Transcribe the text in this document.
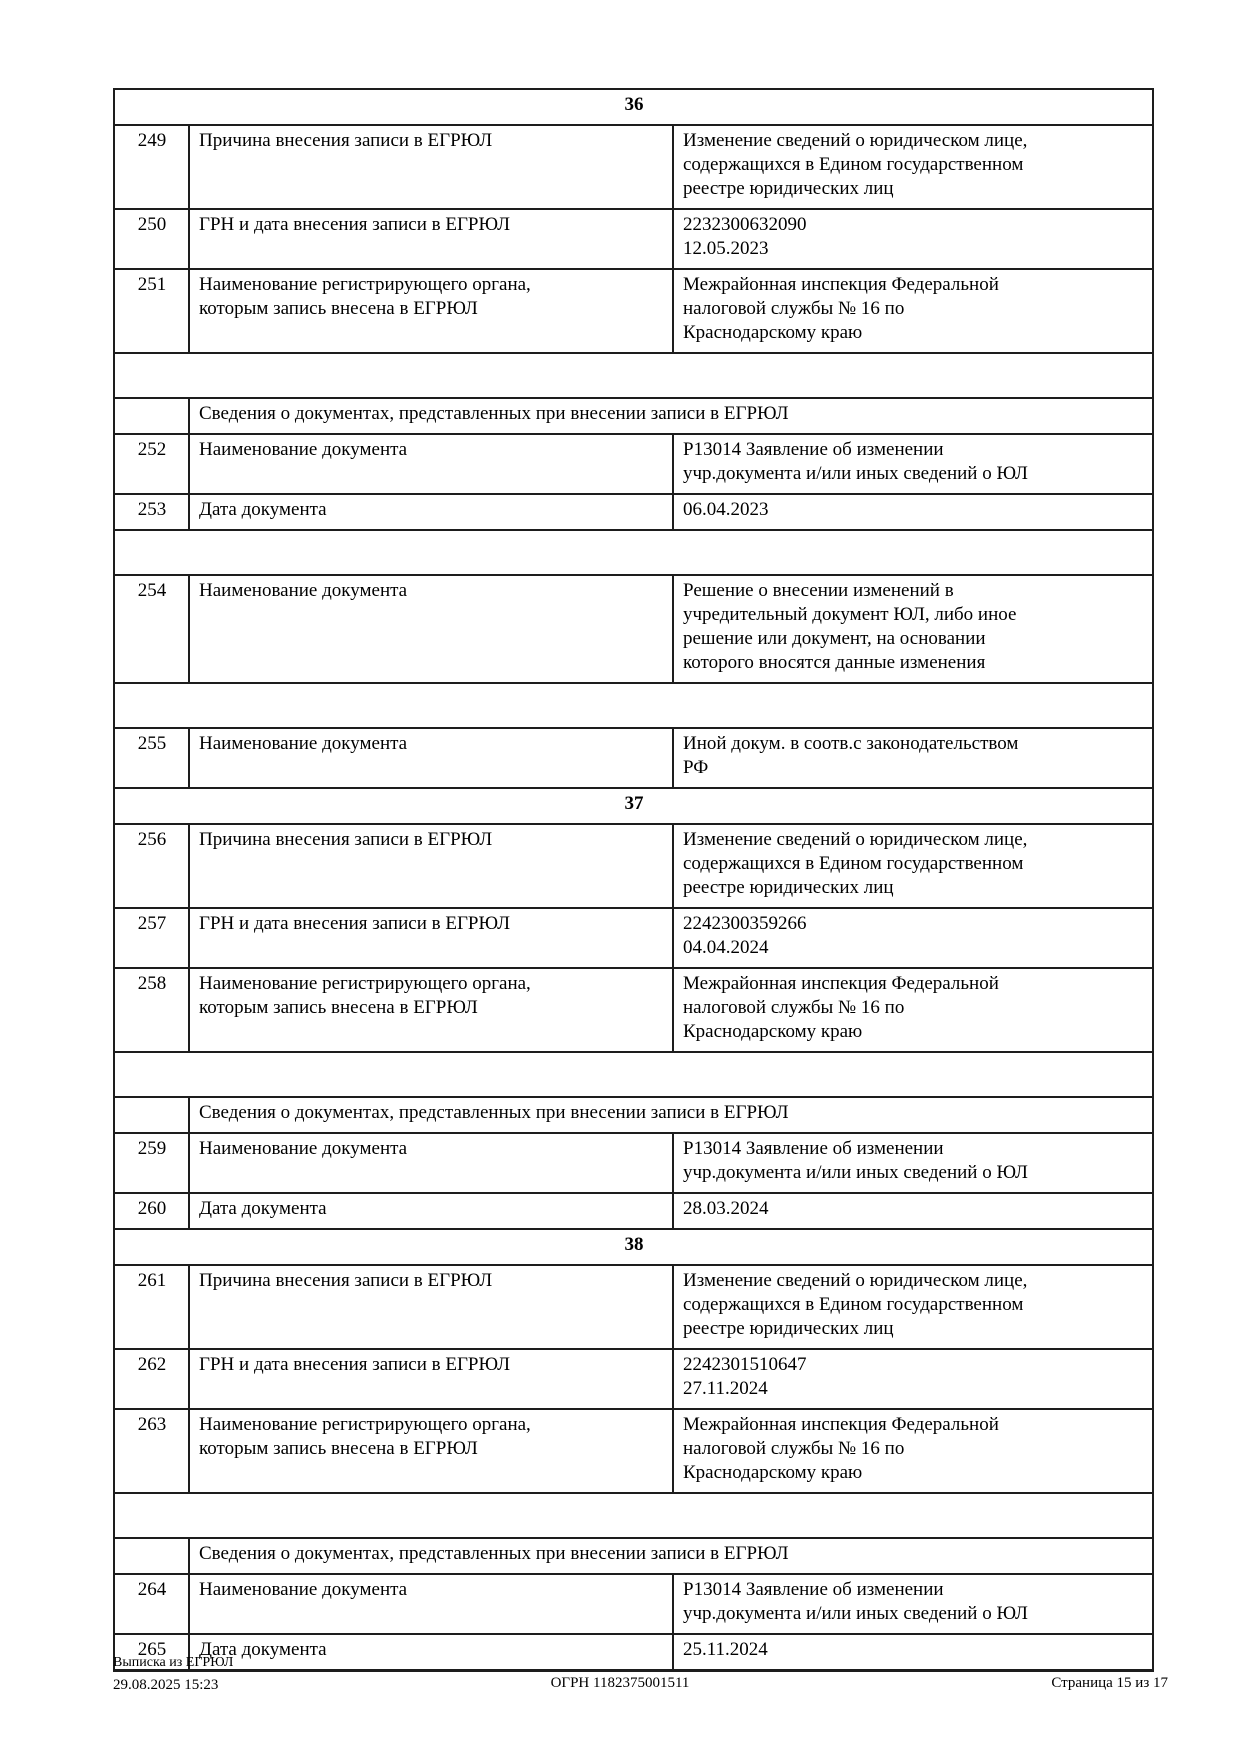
36		
249	Причина внесения записи в ЕГРЮЛ	Изменение сведений о юридическом лице,
содержащихся в Едином государственном
реестре юридических лиц
250	ГРН и дата внесения записи в ЕГРЮЛ	2232300632090
12.05.2023
251	Наименование регистрирующего органа,
которым запись внесена в ЕГРЮЛ	Межрайонная инспекция Федеральной
налоговой службы № 16 по
Краснодарскому краю

	Сведения о документах, представленных при внесении записи в ЕГРЮЛ	
252	Наименование документа	Р13014 Заявление об изменении
учр.документа и/или иных сведений о ЮЛ
253	Дата документа	06.04.2023

254	Наименование документа	Решение о внесении изменений в
учредительный документ ЮЛ, либо иное
решение или документ, на основании
которого вносятся данные изменения

255	Наименование документа	Иной докум. в соотв.с законодательством
РФ
37		
256	Причина внесения записи в ЕГРЮЛ	Изменение сведений о юридическом лице,
содержащихся в Едином государственном
реестре юридических лиц
257	ГРН и дата внесения записи в ЕГРЮЛ	2242300359266
04.04.2024
258	Наименование регистрирующего органа,
которым запись внесена в ЕГРЮЛ	Межрайонная инспекция Федеральной
налоговой службы № 16 по
Краснодарскому краю

	Сведения о документах, представленных при внесении записи в ЕГРЮЛ	
259	Наименование документа	Р13014 Заявление об изменении
учр.документа и/или иных сведений о ЮЛ
260	Дата документа	28.03.2024
38		
261	Причина внесения записи в ЕГРЮЛ	Изменение сведений о юридическом лице,
содержащихся в Едином государственном
реестре юридических лиц
262	ГРН и дата внесения записи в ЕГРЮЛ	2242301510647
27.11.2024
263	Наименование регистрирующего органа,
которым запись внесена в ЕГРЮЛ	Межрайонная инспекция Федеральной
налоговой службы № 16 по
Краснодарскому краю

	Сведения о документах, представленных при внесении записи в ЕГРЮЛ	
264	Наименование документа	Р13014 Заявление об изменении
учр.документа и/или иных сведений о ЮЛ
265	Дата документа	25.11.2024
Выписка из ЕГРЮЛ
29.08.2025 15:23	ОГРН 1182375001511	Страница 15 из 17
